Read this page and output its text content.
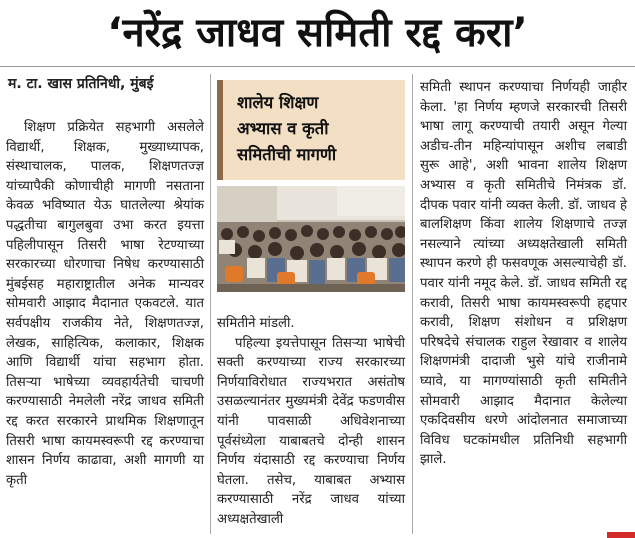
‘नरेंद्र जाधव समिती रद्द करा’
म. टा. खास प्रतिनिधी, मुंबई

शिक्षण प्रक्रियेत सहभागी असलेले विद्यार्थी, शिक्षक, मुख्याध्यापक, संस्थाचालक, पालक, शिक्षणतज्ज्ञ यांच्यापैकी कोणाचीही मागणी नसताना केवळ भविष्यात येऊ घातलेल्या श्रेयांक पद्धतीचा बागुलबुवा उभा करत इयत्ता पहिलीपासून तिसरी भाषा रेटण्याच्या सरकारच्या धोरणाचा निषेध करण्यासाठी मुंबईसह महाराष्ट्रातील अनेक मान्यवर सोमवारी आझाद मैदानात एकवटले. यात सर्वपक्षीय राजकीय नेते, शिक्षणतज्ज्ञ, लेखक, साहित्यिक, कलाकार, शिक्षक आणि विद्यार्थी यांचा सहभाग होता. तिसऱ्या भाषेच्या व्यवहार्यतेची चाचणी करण्यासाठी नेमलेली नरेंद्र जाधव समिती रद्द करत सरकारने प्राथमिक शिक्षणातून तिसरी भाषा कायमस्वरूपी रद्द करण्याचा शासन निर्णय काढावा, अशी मागणी या कृती

शालेय शिक्षण
अभ्यास व कृती
समितीची मागणी

समितीने मांडली.

पहिल्या इयत्तेपासून तिसऱ्या भाषेची सक्ती करण्याच्या राज्य सरकारच्या निर्णयाविरोधात राज्यभरात असंतोष उसळल्यानंतर मुख्यमंत्री देवेंद्र फडणवीस यांनी पावसाळी अधिवेशनाच्या पूर्वसंध्येला याबाबतचे दोन्ही शासन निर्णय यंदासाठी रद्द करण्याचा निर्णय घेतला. तसेच, याबाबत अभ्यास करण्यासाठी नरेंद्र जाधव यांच्या अध्यक्षतेखाली

समिती स्थापन करण्याचा निर्णयही जाहीर केला. 'हा निर्णय म्हणजे सरकारची तिसरी भाषा लागू करण्याची तयारी असून गेल्या अडीच-तीन महिन्यांपासून अशीच लबाडी सुरू आहे', अशी भावना शालेय शिक्षण अभ्यास व कृती समितीचे निमंत्रक डॉ. दीपक पवार यांनी व्यक्त केली. डॉ. जाधव हे बालशिक्षण किंवा शालेय शिक्षणाचे तज्ज्ञ नसल्याने त्यांच्या अध्यक्षतेखाली समिती स्थापन करणे ही फसवणूक असल्याचेही डॉ. पवार यांनी नमूद केले. डॉ. जाधव समिती रद्द करावी, तिसरी भाषा कायमस्वरूपी हद्दपार करावी, शिक्षण संशोधन व प्रशिक्षण परिषदेचे संचालक राहुल रेखावार व शालेय शिक्षणमंत्री दादाजी भुसे यांचे राजीनामे घ्यावे, या मागण्यांसाठी कृती समितीने सोमवारी आझाद मैदानात केलेल्या एकदिवसीय धरणे आंदोलनात समाजाच्या विविध घटकांमधील प्रतिनिधी सहभागी झाले.
